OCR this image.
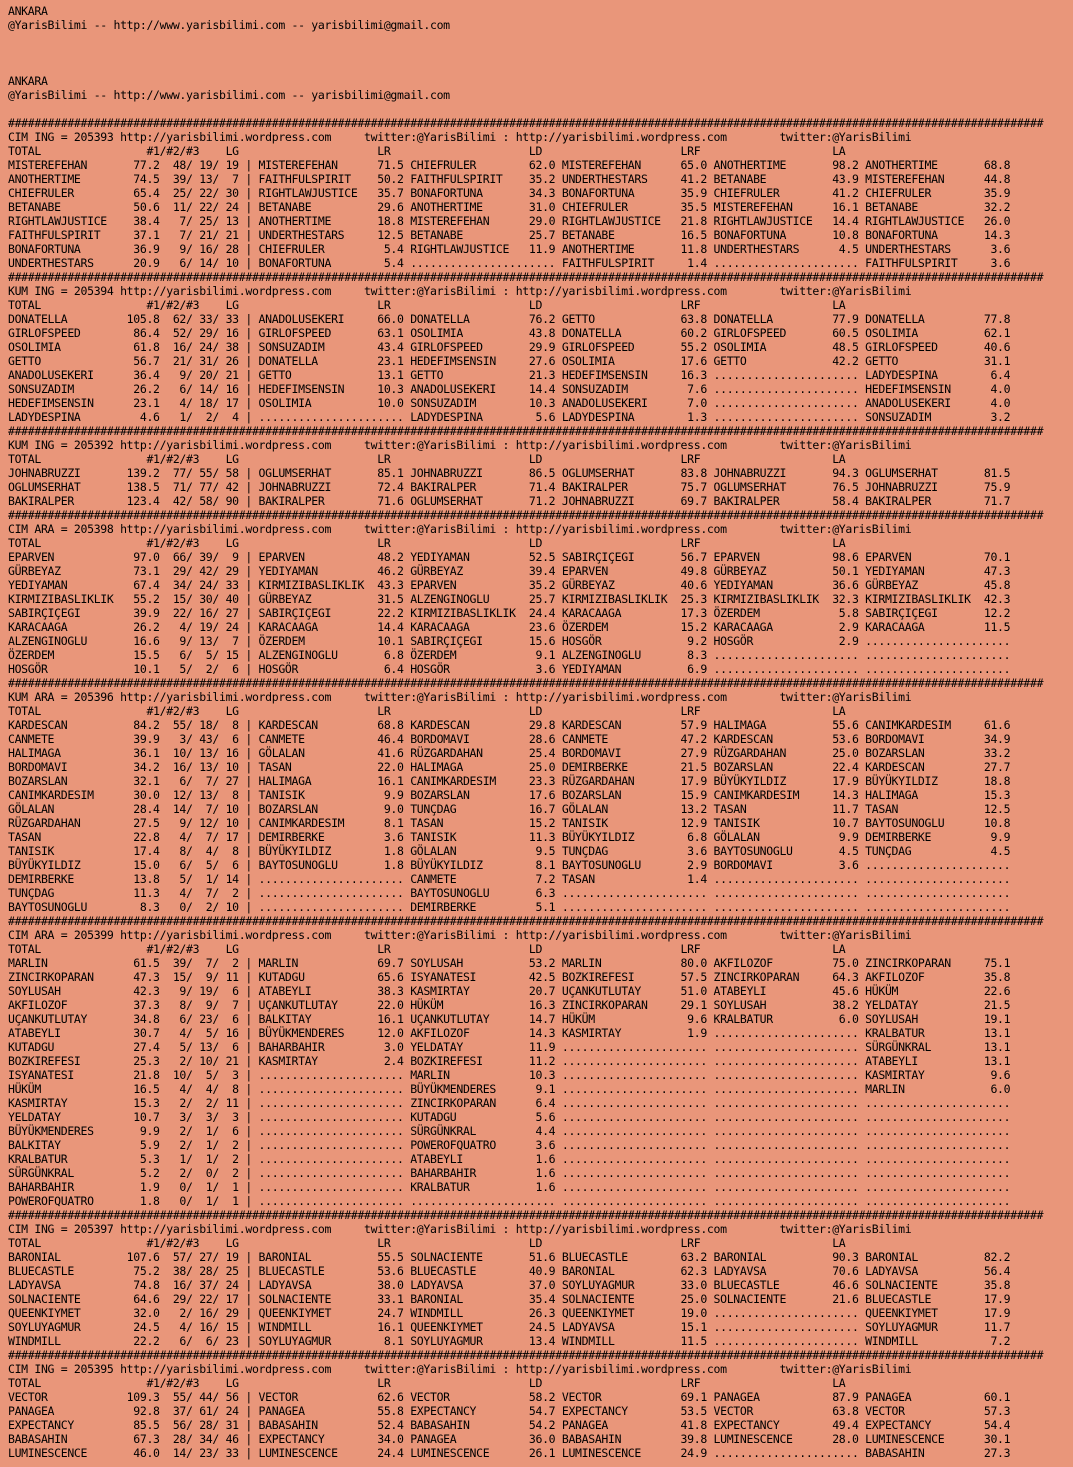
ANKARA
@YarisBilimi -- http://www.yarisbilimi.com -- yarisbilimi@gmail.com
ANKARA
@YarisBilimi -- http://www.yarisbilimi.com -- yarisbilimi@gmail.com
#############################################################################################################################################################
CIM ING = 205393 http://yarisbilimi.wordpress.com     twitter:@YarisBilimi : http://yarisbilimi.wordpress.com        twitter:@YarisBilimi
TOTAL                #1/#2/#3    LG                     LR                     LD                     LRF                    LA
MISTEREFEHAN       77.2  48/ 19/ 19 | MISTEREFEHAN      71.5 CHIEFRULER        62.0 MISTEREFEHAN      65.0 ANOTHERTIME       98.2 ANOTHERTIME       68.8
ANOTHERTIME        74.5  39/ 13/  7 | FAITHFULSPIRIT    50.2 FAITHFULSPIRIT    35.2 UNDERTHESTARS     41.2 BETANABE          43.9 MISTEREFEHAN      44.8
CHIEFRULER         65.4  25/ 22/ 30 | RIGHTLAWJUSTICE   35.7 BONAFORTUNA       34.3 BONAFORTUNA       35.9 CHIEFRULER        41.2 CHIEFRULER        35.9
BETANABE           50.6  11/ 22/ 24 | BETANABE          29.6 ANOTHERTIME       31.0 CHIEFRULER        35.5 MISTEREFEHAN      16.1 BETANABE          32.2
RIGHTLAWJUSTICE    38.4   7/ 25/ 13 | ANOTHERTIME       18.8 MISTEREFEHAN      29.0 RIGHTLAWJUSTICE   21.8 RIGHTLAWJUSTICE   14.4 RIGHTLAWJUSTICE   26.0
FAITHFULSPIRIT     37.1   7/ 21/ 21 | UNDERTHESTARS     12.5 BETANABE          25.7 BETANABE          16.5 BONAFORTUNA       10.8 BONAFORTUNA       14.3
BONAFORTUNA        36.9   9/ 16/ 28 | CHIEFRULER         5.4 RIGHTLAWJUSTICE   11.9 ANOTHERTIME       11.8 UNDERTHESTARS      4.5 UNDERTHESTARS      3.6
UNDERTHESTARS      20.9   6/ 14/ 10 | BONAFORTUNA        5.4 ...................... FAITHFULSPIRIT     1.4 ...................... FAITHFULSPIRIT     3.6
#############################################################################################################################################################
KUM ING = 205394 http://yarisbilimi.wordpress.com     twitter:@YarisBilimi : http://yarisbilimi.wordpress.com        twitter:@YarisBilimi
TOTAL                #1/#2/#3    LG                     LR                     LD                     LRF                    LA
DONATELLA         105.8  62/ 33/ 33 | ANADOLUSEKERI     66.0 DONATELLA         76.2 GETTO             63.8 DONATELLA         77.9 DONATELLA         77.8
GIRLOFSPEED        86.4  52/ 29/ 16 | GIRLOFSPEED       63.1 OSOLIMIA          43.8 DONATELLA         60.2 GIRLOFSPEED       60.5 OSOLIMIA          62.1
OSOLIMIA           61.8  16/ 24/ 38 | SONSUZADIM        43.4 GIRLOFSPEED       29.9 GIRLOFSPEED       55.2 OSOLIMIA          48.5 GIRLOFSPEED       40.6
GETTO              56.7  21/ 31/ 26 | DONATELLA         23.1 HEDEFIMSENSIN     27.6 OSOLIMIA          17.6 GETTO             42.2 GETTO             31.1
ANADOLUSEKERI      36.4   9/ 20/ 21 | GETTO             13.1 GETTO             21.3 HEDEFIMSENSIN     16.3 ...................... LADYDESPINA        6.4
SONSUZADIM         26.2   6/ 14/ 16 | HEDEFIMSENSIN     10.3 ANADOLUSEKERI     14.4 SONSUZADIM         7.6 ...................... HEDEFIMSENSIN      4.0
HEDEFIMSENSIN      23.1   4/ 18/ 17 | OSOLIMIA          10.0 SONSUZADIM        10.3 ANADOLUSEKERI      7.0 ...................... ANADOLUSEKERI      4.0
LADYDESPINA         4.6   1/  2/  4 | ...................... LADYDESPINA        5.6 LADYDESPINA        1.3 ...................... SONSUZADIM         3.2
#############################################################################################################################################################
KUM ING = 205392 http://yarisbilimi.wordpress.com     twitter:@YarisBilimi : http://yarisbilimi.wordpress.com        twitter:@YarisBilimi
TOTAL                #1/#2/#3    LG                     LR                     LD                     LRF                    LA
JOHNABRUZZI       139.2  77/ 55/ 58 | OGLUMSERHAT       85.1 JOHNABRUZZI       86.5 OGLUMSERHAT       83.8 JOHNABRUZZI       94.3 OGLUMSERHAT       81.5
OGLUMSERHAT       138.5  71/ 77/ 42 | JOHNABRUZZI       72.4 BAKIRALPER        71.4 BAKIRALPER        75.7 OGLUMSERHAT       76.5 JOHNABRUZZI       75.9
BAKIRALPER        123.4  42/ 58/ 90 | BAKIRALPER        71.6 OGLUMSERHAT       71.2 JOHNABRUZZI       69.7 BAKIRALPER        58.4 BAKIRALPER        71.7
#############################################################################################################################################################
CIM ARA = 205398 http://yarisbilimi.wordpress.com     twitter:@YarisBilimi : http://yarisbilimi.wordpress.com        twitter:@YarisBilimi
TOTAL                #1/#2/#3    LG                     LR                     LD                     LRF                    LA
EPARVEN            97.0  66/ 39/  9 | EPARVEN           48.2 YEDIYAMAN         52.5 SABIRÇIÇEGI       56.7 EPARVEN           98.6 EPARVEN           70.1
GÜRBEYAZ           73.1  29/ 42/ 29 | YEDIYAMAN         46.2 GÜRBEYAZ          39.4 EPARVEN           49.8 GÜRBEYAZ          50.1 YEDIYAMAN         47.3
YEDIYAMAN          67.4  34/ 24/ 33 | KIRMIZIBASLIKLIK  43.3 EPARVEN           35.2 GÜRBEYAZ          40.6 YEDIYAMAN         36.6 GÜRBEYAZ          45.8
KIRMIZIBASLIKLIK   55.2  15/ 30/ 40 | GÜRBEYAZ          31.5 ALZENGINOGLU      25.7 KIRMIZIBASLIKLIK  25.3 KIRMIZIBASLIKLIK  32.3 KIRMIZIBASLIKLIK  42.3
SABIRÇIÇEGI        39.9  22/ 16/ 27 | SABIRÇIÇEGI       22.2 KIRMIZIBASLIKLIK  24.4 KARACAAGA         17.3 ÖZERDEM            5.8 SABIRÇIÇEGI       12.2
KARACAAGA          26.2   4/ 19/ 24 | KARACAAGA         14.4 KARACAAGA         23.6 ÖZERDEM           15.2 KARACAAGA          2.9 KARACAAGA         11.5
ALZENGINOGLU       16.6   9/ 13/  7 | ÖZERDEM           10.1 SABIRÇIÇEGI       15.6 HOSGÖR             9.2 HOSGÖR             2.9 ......................
ÖZERDEM            15.5   6/  5/ 15 | ALZENGINOGLU       6.8 ÖZERDEM            9.1 ALZENGINOGLU       8.3 ...................... ......................
HOSGÖR             10.1   5/  2/  6 | HOSGÖR             6.4 HOSGÖR             3.6 YEDIYAMAN          6.9 ...................... ......................
#############################################################################################################################################################
KUM ARA = 205396 http://yarisbilimi.wordpress.com     twitter:@YarisBilimi : http://yarisbilimi.wordpress.com        twitter:@YarisBilimi
TOTAL                #1/#2/#3    LG                     LR                     LD                     LRF                    LA
KARDESCAN          84.2  55/ 18/  8 | KARDESCAN         68.8 KARDESCAN         29.8 KARDESCAN         57.9 HALIMAGA          55.6 CANIMKARDESIM     61.6
CANMETE            39.9   3/ 43/  6 | CANMETE           46.4 BORDOMAVI         28.6 CANMETE           47.2 KARDESCAN         53.6 BORDOMAVI         34.9
HALIMAGA           36.1  10/ 13/ 16 | GÖLALAN           41.6 RÜZGARDAHAN       25.4 BORDOMAVI         27.9 RÜZGARDAHAN       25.0 BOZARSLAN         33.2
BORDOMAVI          34.2  16/ 13/ 10 | TASAN             22.0 HALIMAGA          25.0 DEMIRBERKE        21.5 BOZARSLAN         22.4 KARDESCAN         27.7
BOZARSLAN          32.1   6/  7/ 27 | HALIMAGA          16.1 CANIMKARDESIM     23.3 RÜZGARDAHAN       17.9 BÜYÜKYILDIZ       17.9 BÜYÜKYILDIZ       18.8
CANIMKARDESIM      30.0  12/ 13/  8 | TANISIK            9.9 BOZARSLAN         17.6 BOZARSLAN         15.9 CANIMKARDESIM     14.3 HALIMAGA          15.3
GÖLALAN            28.4  14/  7/ 10 | BOZARSLAN          9.0 TUNÇDAG           16.7 GÖLALAN           13.2 TASAN             11.7 TASAN             12.5
RÜZGARDAHAN        27.5   9/ 12/ 10 | CANIMKARDESIM      8.1 TASAN             15.2 TANISIK           12.9 TANISIK           10.7 BAYTOSUNOGLU      10.8
TASAN              22.8   4/  7/ 17 | DEMIRBERKE         3.6 TANISIK           11.3 BÜYÜKYILDIZ        6.8 GÖLALAN            9.9 DEMIRBERKE         9.9
TANISIK            17.4   8/  4/  8 | BÜYÜKYILDIZ        1.8 GÖLALAN            9.5 TUNÇDAG            3.6 BAYTOSUNOGLU       4.5 TUNÇDAG            4.5
BÜYÜKYILDIZ        15.0   6/  5/  6 | BAYTOSUNOGLU       1.8 BÜYÜKYILDIZ        8.1 BAYTOSUNOGLU       2.9 BORDOMAVI          3.6 ......................
DEMIRBERKE         13.8   5/  1/ 14 | ...................... CANMETE            7.2 TASAN              1.4 ...................... ......................
TUNÇDAG            11.3   4/  7/  2 | ...................... BAYTOSUNOGLU       6.3 ...................... ...................... ......................
BAYTOSUNOGLU        8.3   0/  2/ 10 | ...................... DEMIRBERKE         5.1 ...................... ...................... ......................
#############################################################################################################################################################
CIM ARA = 205399 http://yarisbilimi.wordpress.com     twitter:@YarisBilimi : http://yarisbilimi.wordpress.com        twitter:@YarisBilimi
TOTAL                #1/#2/#3    LG                     LR                     LD                     LRF                    LA
MARLIN             61.5  39/  7/  2 | MARLIN            69.7 SOYLUSAH          53.2 MARLIN            80.0 AKFILOZOF         75.0 ZINCIRKOPARAN     75.1
ZINCIRKOPARAN      47.3  15/  9/ 11 | KUTADGU           65.6 ISYANATESI        42.5 BOZKIREFESI       57.5 ZINCIRKOPARAN     64.3 AKFILOZOF         35.8
SOYLUSAH           42.3   9/ 19/  6 | ATABEYLI          38.3 KASMIRTAY         20.7 UÇANKUTLUTAY      51.0 ATABEYLI          45.6 HÜKÜM             22.6
AKFILOZOF          37.3   8/  9/  7 | UÇANKUTLUTAY      22.0 HÜKÜM             16.3 ZINCIRKOPARAN     29.1 SOYLUSAH          38.2 YELDATAY          21.5
UÇANKUTLUTAY       34.8   6/ 23/  6 | BALKITAY          16.1 UÇANKUTLUTAY      14.7 HÜKÜM              9.6 KRALBATUR          6.0 SOYLUSAH          19.1
ATABEYLI           30.7   4/  5/ 16 | BÜYÜKMENDERES     12.0 AKFILOZOF         14.3 KASMIRTAY          1.9 ...................... KRALBATUR         13.1
KUTADGU            27.4   5/ 13/  6 | BAHARBAHIR         3.0 YELDATAY          11.9 ...................... ...................... SÜRGÜNKRAL        13.1
BOZKIREFESI        25.3   2/ 10/ 21 | KASMIRTAY          2.4 BOZKIREFESI       11.2 ...................... ...................... ATABEYLI          13.1
ISYANATESI         21.8  10/  5/  3 | ...................... MARLIN            10.3 ...................... ...................... KASMIRTAY          9.6
HÜKÜM              16.5   4/  4/  8 | ...................... BÜYÜKMENDERES      9.1 ...................... ...................... MARLIN             6.0
KASMIRTAY          15.3   2/  2/ 11 | ...................... ZINCIRKOPARAN      6.4 ...................... ...................... ......................
YELDATAY           10.7   3/  3/  3 | ...................... KUTADGU            5.6 ...................... ...................... ......................
BÜYÜKMENDERES       9.9   2/  1/  6 | ...................... SÜRGÜNKRAL         4.4 ...................... ...................... ......................
BALKITAY            5.9   2/  1/  2 | ...................... POWEROFQUATRO      3.6 ...................... ...................... ......................
KRALBATUR           5.3   1/  1/  2 | ...................... ATABEYLI           1.6 ...................... ...................... ......................
SÜRGÜNKRAL          5.2   2/  0/  2 | ...................... BAHARBAHIR         1.6 ...................... ...................... ......................
BAHARBAHIR          1.9   0/  1/  1 | ...................... KRALBATUR          1.6 ...................... ...................... ......................
POWEROFQUATRO       1.8   0/  1/  1 | ...................... ...................... ...................... ...................... ......................
#############################################################################################################################################################
CIM ING = 205397 http://yarisbilimi.wordpress.com     twitter:@YarisBilimi : http://yarisbilimi.wordpress.com        twitter:@YarisBilimi
TOTAL                #1/#2/#3    LG                     LR                     LD                     LRF                    LA
BARONIAL          107.6  57/ 27/ 19 | BARONIAL          55.5 SOLNACIENTE       51.6 BLUECASTLE        63.2 BARONIAL          90.3 BARONIAL          82.2
BLUECASTLE         75.2  38/ 28/ 25 | BLUECASTLE        53.6 BLUECASTLE        40.9 BARONIAL          62.3 LADYAVSA          70.6 LADYAVSA          56.4
LADYAVSA           74.8  16/ 37/ 24 | LADYAVSA          38.0 LADYAVSA          37.0 SOYLUYAGMUR       33.0 BLUECASTLE        46.6 SOLNACIENTE       35.8
SOLNACIENTE        64.6  29/ 22/ 17 | SOLNACIENTE       33.1 BARONIAL          35.4 SOLNACIENTE       25.0 SOLNACIENTE       21.6 BLUECASTLE        17.9
QUEENKIYMET        32.0   2/ 16/ 29 | QUEENKIYMET       24.7 WINDMILL          26.3 QUEENKIYMET       19.0 ...................... QUEENKIYMET       17.9
SOYLUYAGMUR        24.5   4/ 16/ 15 | WINDMILL          16.1 QUEENKIYMET       24.5 LADYAVSA          15.1 ...................... SOYLUYAGMUR       11.7
WINDMILL           22.2   6/  6/ 23 | SOYLUYAGMUR        8.1 SOYLUYAGMUR       13.4 WINDMILL          11.5 ...................... WINDMILL           7.2
#############################################################################################################################################################
CIM ING = 205395 http://yarisbilimi.wordpress.com     twitter:@YarisBilimi : http://yarisbilimi.wordpress.com        twitter:@YarisBilimi
TOTAL                #1/#2/#3    LG                     LR                     LD                     LRF                    LA
VECTOR            109.3  55/ 44/ 56 | VECTOR            62.6 VECTOR            58.2 VECTOR            69.1 PANAGEA           87.9 PANAGEA           60.1
PANAGEA            92.8  37/ 61/ 24 | PANAGEA           55.8 EXPECTANCY        54.7 EXPECTANCY        53.5 VECTOR            63.8 VECTOR            57.3
EXPECTANCY         85.5  56/ 28/ 31 | BABASAHIN         52.4 BABASAHIN         54.2 PANAGEA           41.8 EXPECTANCY        49.4 EXPECTANCY        54.4
BABASAHIN          67.3  28/ 34/ 46 | EXPECTANCY        34.0 PANAGEA           36.0 BABASAHIN         39.8 LUMINESCENCE      28.0 LUMINESCENCE      30.1
LUMINESCENCE       46.0  14/ 23/ 33 | LUMINESCENCE      24.4 LUMINESCENCE      26.1 LUMINESCENCE      24.9 ...................... BABASAHIN         27.3
